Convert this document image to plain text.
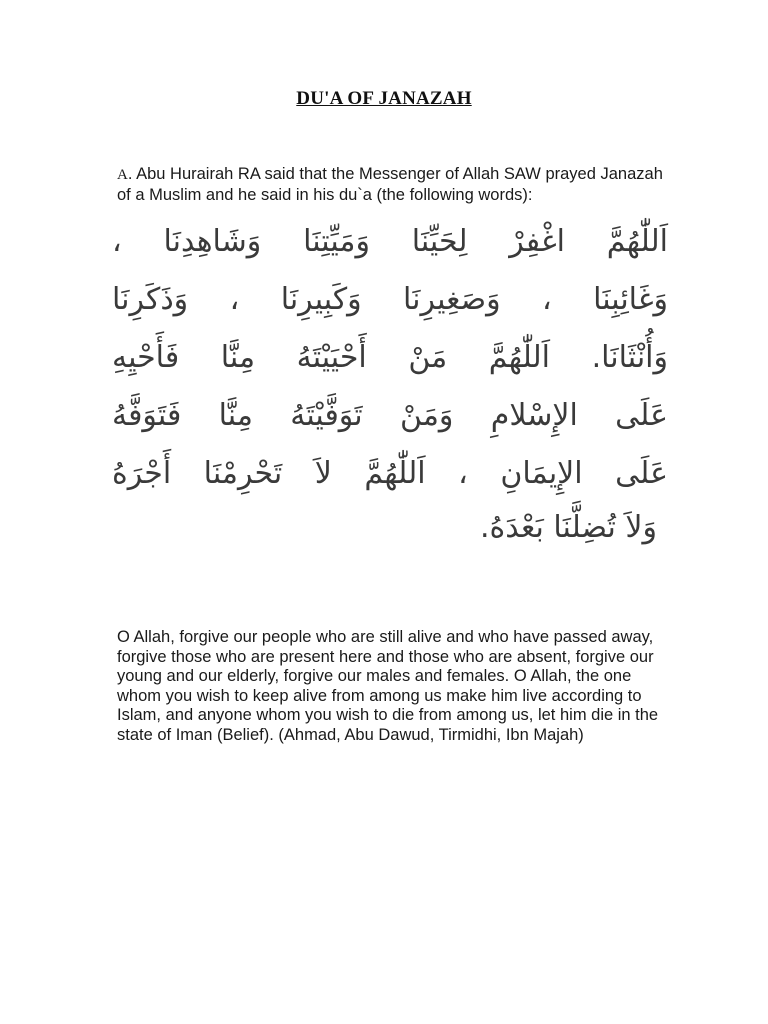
DU'A OF JANAZAH
A. Abu Hurairah RA said that the Messenger of Allah SAW prayed Janazah of a Muslim and he said in his du`a (the following words):
اَللّٰهُمَّ اغْفِرْ لِحَيِّنَا وَمَيِّتِنَا وَشَاهِدِنَا ،
وَغَائِبِنَا ، وَصَغِيرِنَا وَكَبِيرِنَا ، وَذَكَرِنَا
وَأُنْثَانَا. اَللّٰهُمَّ مَنْ أَحْيَيْتَهُ مِنَّا فَأَحْيِهِ
عَلَى الإِسْلامِ وَمَنْ تَوَفَّيْتَهُ مِنَّا فَتَوَفَّهُ
عَلَى الإِيمَانِ ، اَللّٰهُمَّ لاَ تَحْرِمْنَا أَجْرَهُ
وَلاَ تُضِلَّنَا بَعْدَهُ.
O Allah, forgive our people who are still alive and who have passed away, forgive those who are present here and those who are absent, forgive our young and our elderly, forgive our males and females. O Allah, the one whom you wish to keep alive from among us make him live according to Islam, and anyone whom you wish to die from among us, let him die in the state of Iman (Belief). (Ahmad, Abu Dawud, Tirmidhi, Ibn Majah)
